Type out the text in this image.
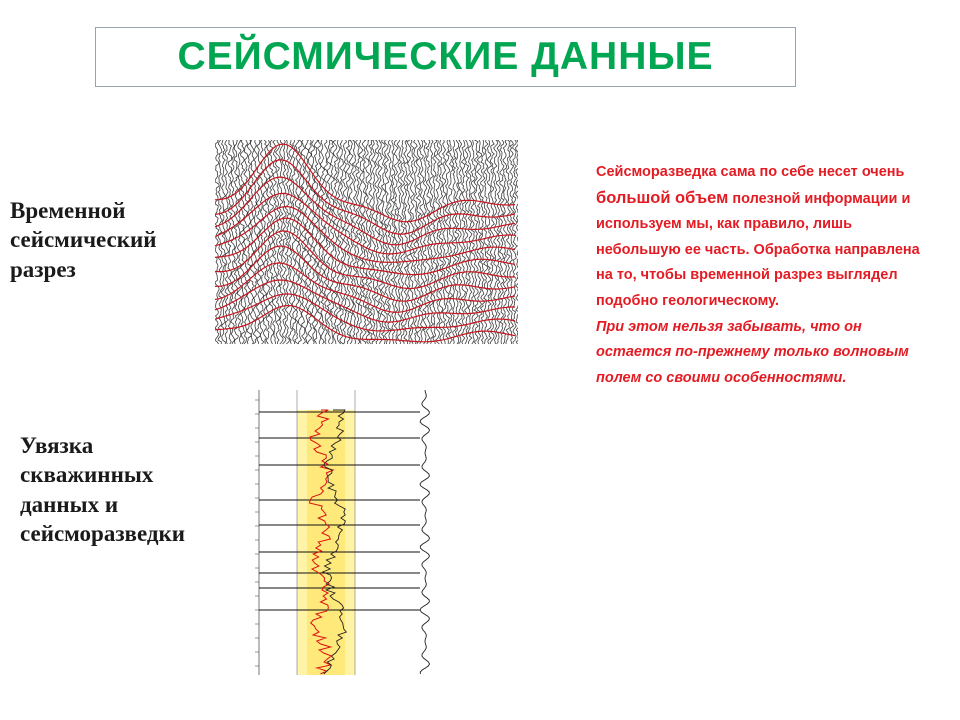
СЕЙСМИЧЕСКИЕ ДАННЫЕ
Временной
сейсмический
разрез
Увязка
скважинных
данных и
сейсморазведки
Сейсморазведка сама по себе несет очень большой объем полезной информации и используем мы, как правило, лишь небольшую ее часть. Обработка направлена на то, чтобы временной разрез выглядел подобно геологическому.
При этом нельзя забывать, что он остается по-прежнему только волновым полем со своими особенностями.
